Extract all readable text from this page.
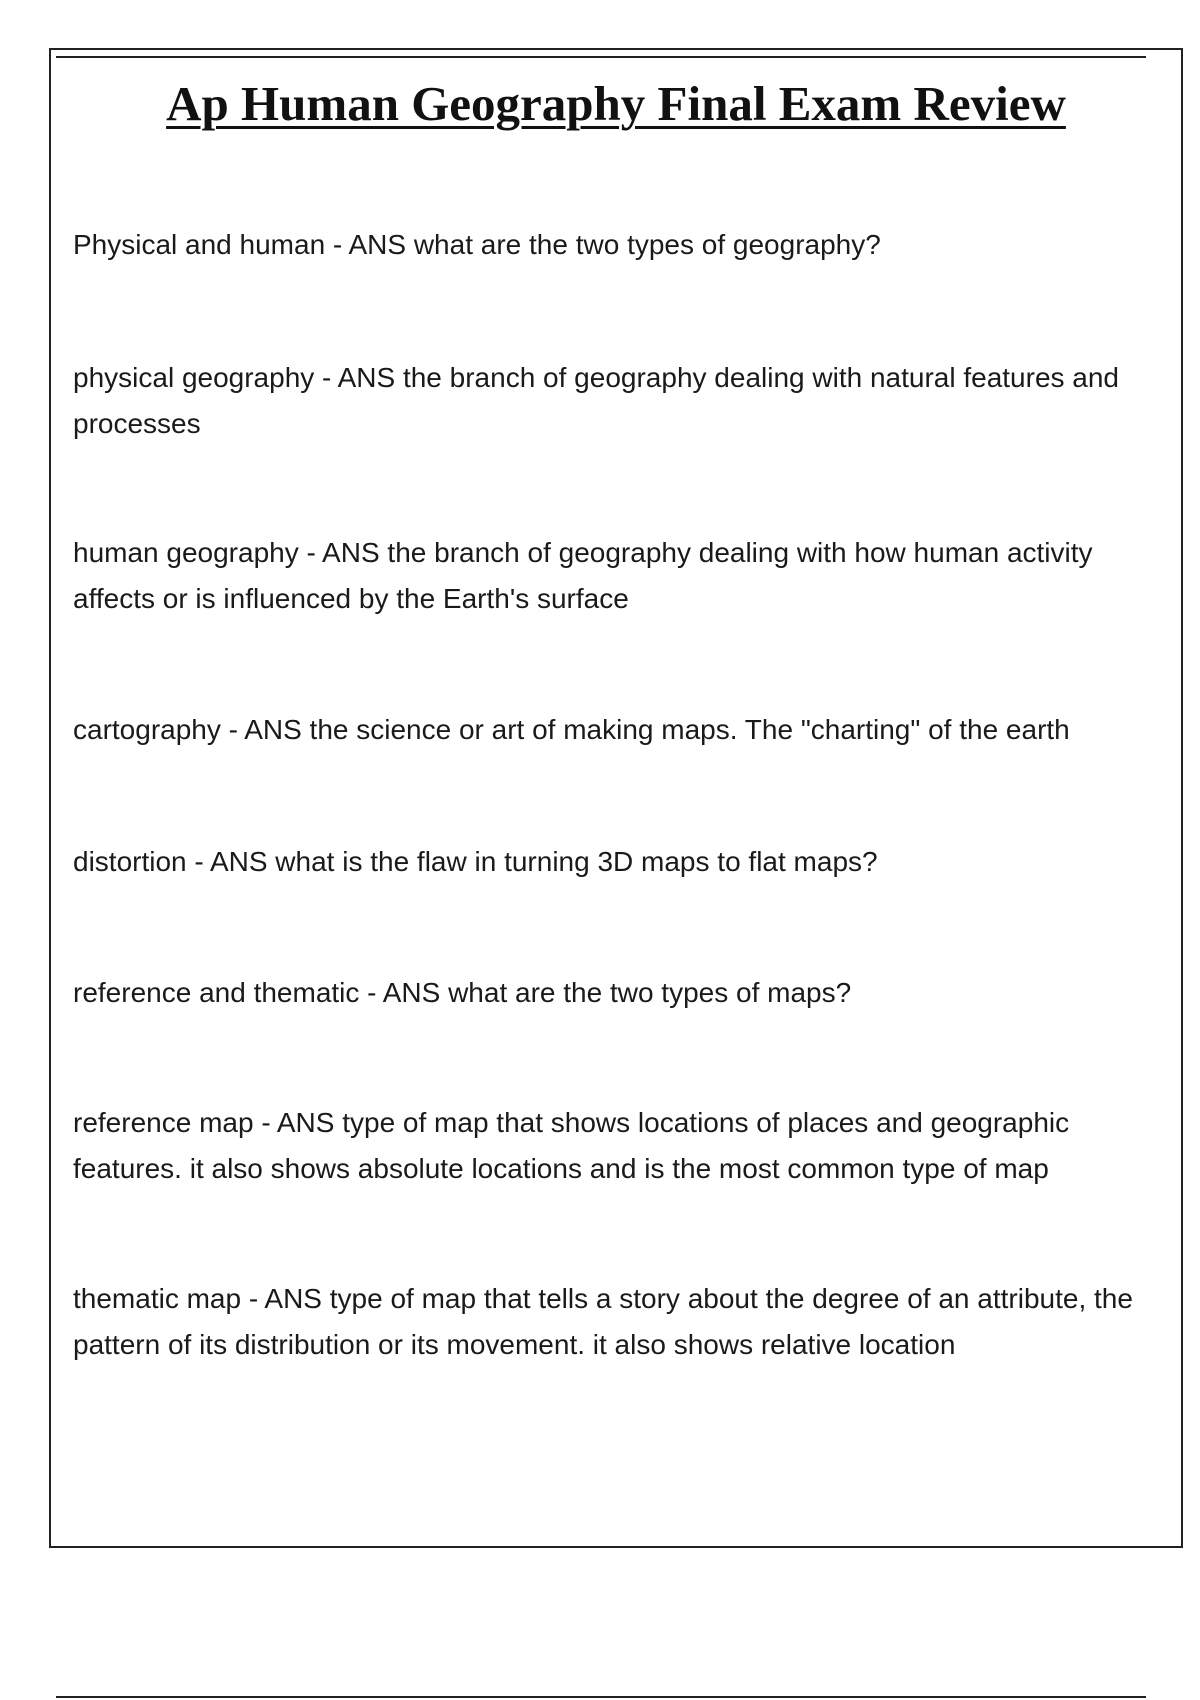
Ap Human Geography Final Exam Review
Physical and human - ANS what are the two types of geography?
physical geography - ANS the branch of geography dealing with natural features and processes
human geography - ANS the branch of geography dealing with how human activity affects or is influenced by the Earth's surface
cartography - ANS the science or art of making maps. The "charting" of the earth
distortion - ANS what is the flaw in turning 3D maps to flat maps?
reference and thematic - ANS what are the two types of maps?
reference map - ANS type of map that shows locations of places and geographic features. it also shows absolute locations and is the most common type of map
thematic map - ANS type of map that tells a story about the degree of an attribute, the pattern of its distribution or its movement. it also shows relative location
